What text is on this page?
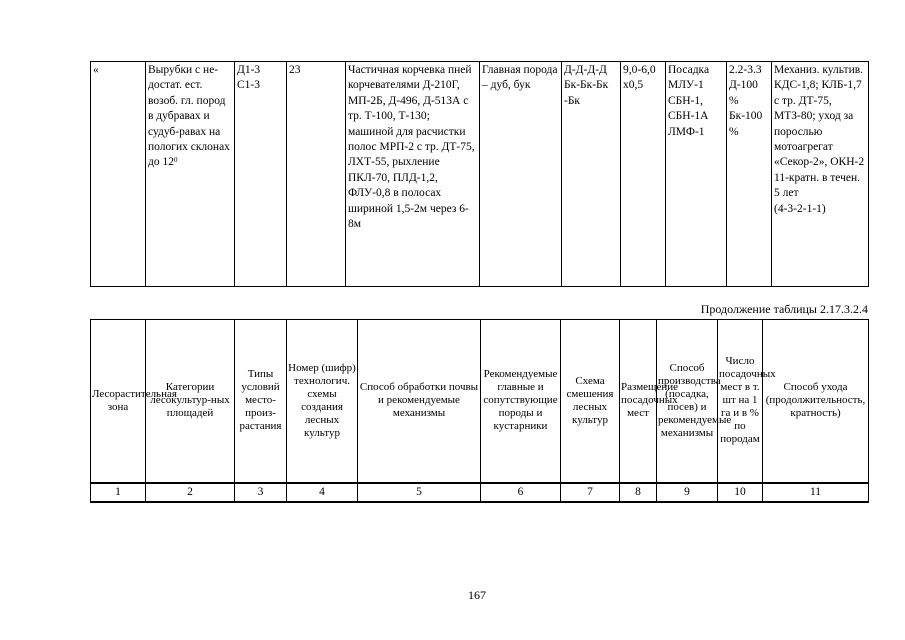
«	Вырубки с не-достат. ест. возоб. гл. пород в дубравах и судуб-равах на пологих склонах до $12^0$	Д1-3
С1-3	23	Частичная корчевка пней корчевателями Д-210Г, МП-2Б, Д-496, Д-513А с тр. Т-100, Т-130; машиной для расчистки полос МРП-2 с тр. ДТ-75, ЛХТ-55, рыхление ПКЛ-70, ПЛД-1,2, ФЛУ-0,8 в полосах шириной 1,5-2м через 6-8м	Главная порода – дуб, бук	Д-Д-Д-Д Бк-Бк-Бк -Бк	9,0-6,0 х0,5	Посадка МЛУ-1 СБН-1, СБН-1А ЛМФ-1	2.2-3.3 Д-100 % Бк-100 %	Механиз. культив. КДС-1,8; КЛБ-1,7 с тр. ДТ-75, МТЗ-80; уход за порослью мотоагрегат «Секор-2», ОКН-2
11-кратн. в течен.
5 лет
(4-3-2-1-1)
Продолжение таблицы 2.17.3.2.4
Лесорастительная зона	Категории лесокультур-ных площадей	Типы условий место-произ-растания	Номер (шифр) технологич. схемы создания лесных культур	Способ обработки почвы и рекомендуемые механизмы	Рекомендуемые главные и сопутствующие породы и кустарники	Схема смешения лесных культур	Размещение посадочных мест	Способ производства (посадка, посев) и рекомендуемые механизмы	Число посадочных мест в т. шт на 1 га и в % по породам	Способ ухода (продолжительность, кратность)
1	2	3	4	5	6	7	8	9	10	11
167
